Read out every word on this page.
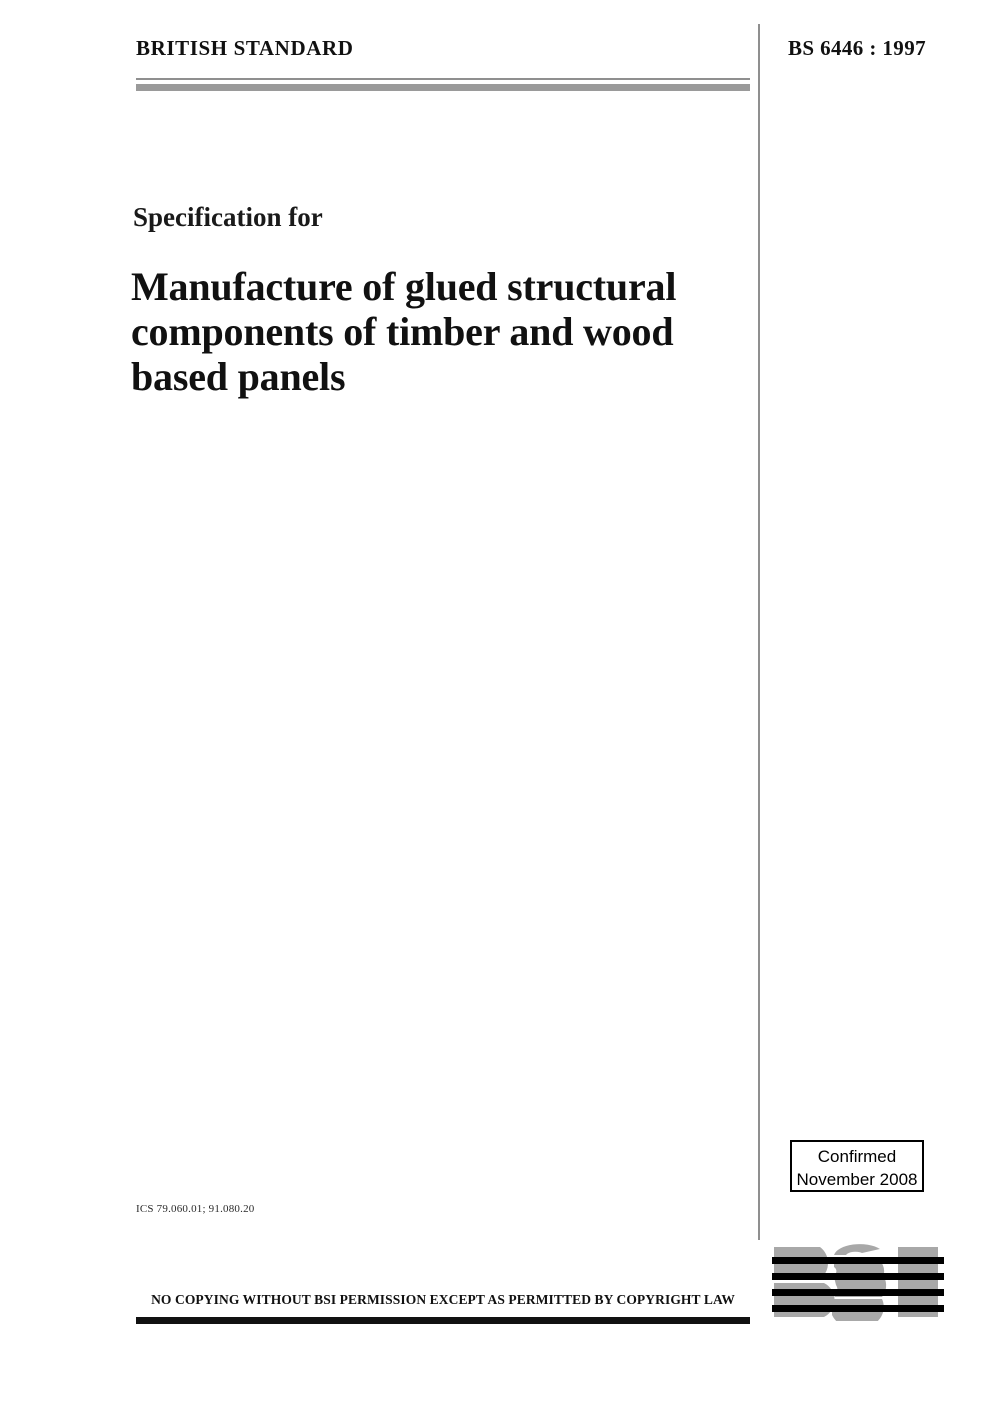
BRITISH STANDARD	BS 6446 : 1997
Specification for
Manufacture of glued structural components of timber and wood based panels
Confirmed
November 2008
ICS 79.060.01; 91.080.20
NO COPYING WITHOUT BSI PERMISSION EXCEPT AS PERMITTED BY COPYRIGHT LAW
